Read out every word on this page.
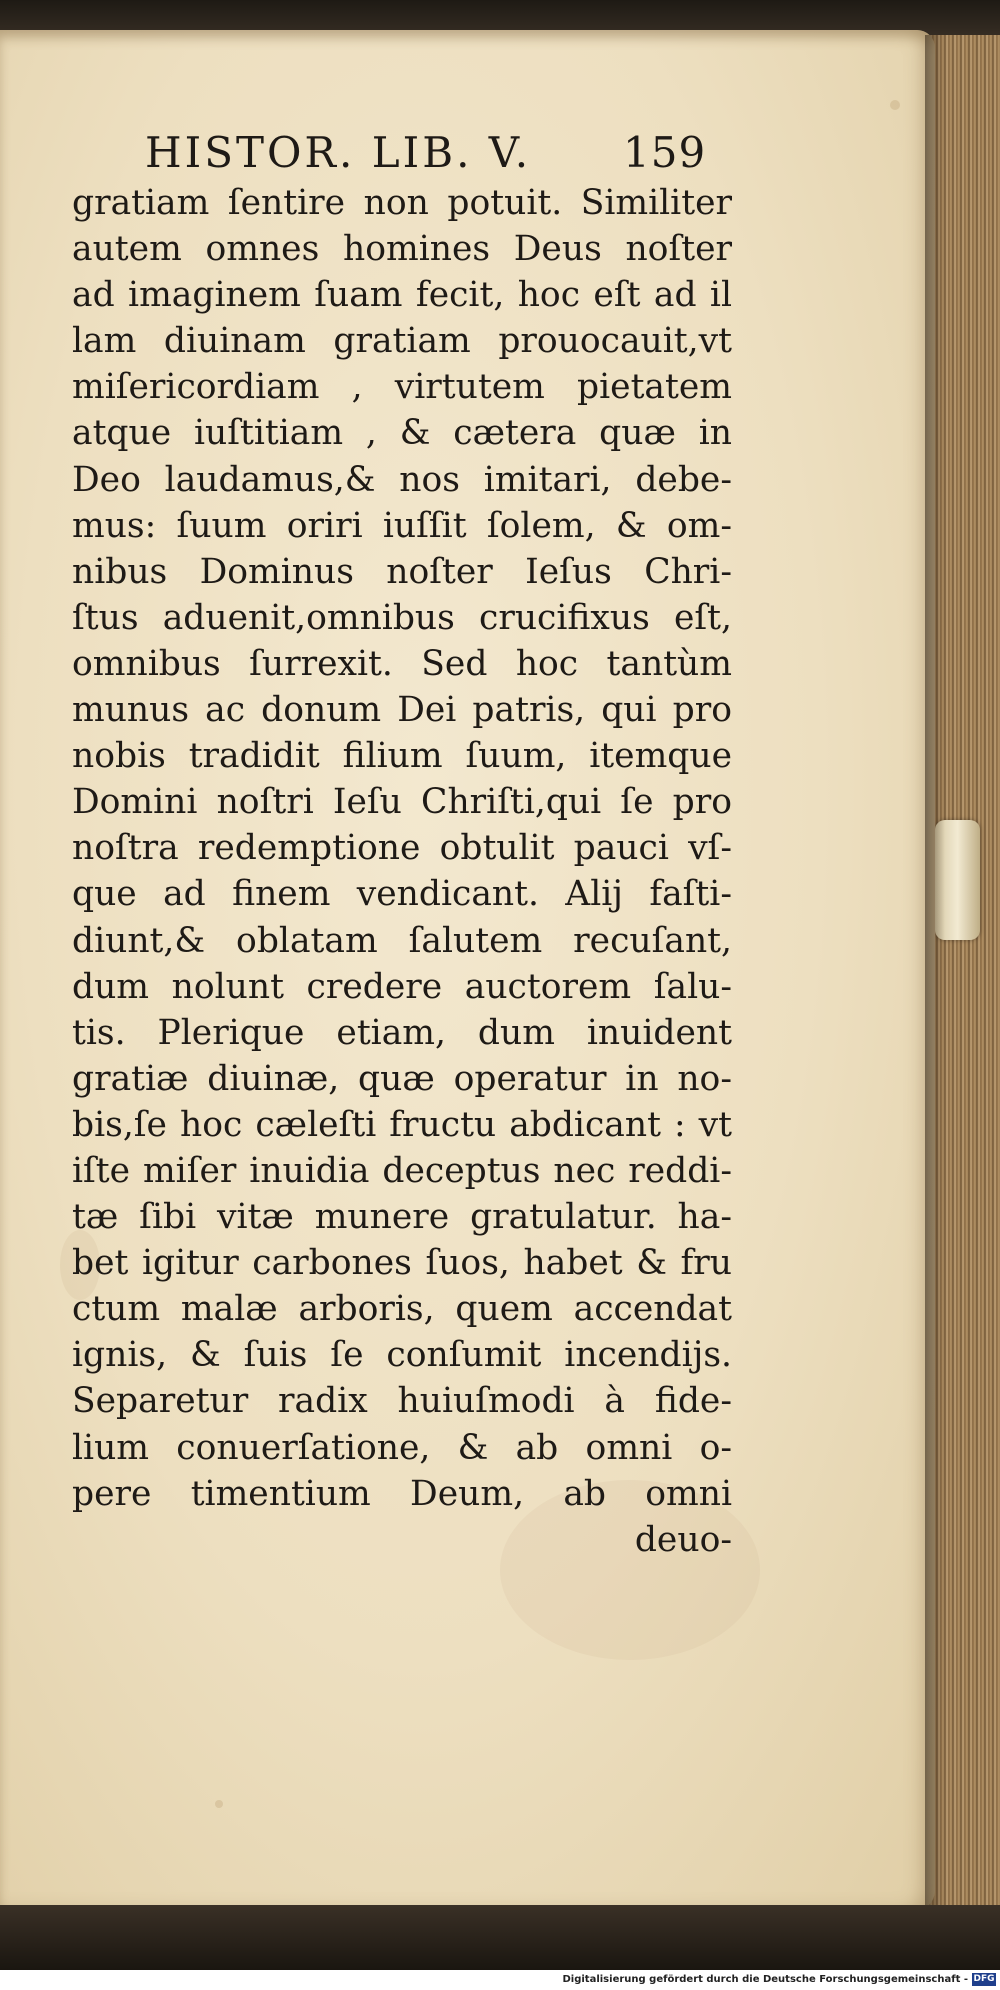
HISTOR. LIB. V. 159
gratiam ſentire non potuit. Similiter
autem omnes homines Deus noſter
ad imaginem ſuam fecit, hoc eſt ad il
lam diuinam gratiam prouocauit,vt
miſericordiam , virtutem pietatem
atque iuſtitiam , & cætera quæ in
Deo laudamus,& nos imitari, debe-
mus: ſuum oriri iuſſit ſolem, & om-
nibus Dominus noſter Ieſus Chri-
ſtus aduenit,omnibus crucifixus eſt,
omnibus ſurrexit. Sed hoc tantùm
munus ac donum Dei patris, qui pro
nobis tradidit filium ſuum, itemque
Domini noſtri Ieſu Chriſti,qui ſe pro
noſtra redemptione obtulit pauci vſ-
que ad finem vendicant. Alij faſti-
diunt,& oblatam ſalutem recuſant,
dum nolunt credere auctorem ſalu-
tis. Plerique etiam, dum inuident
gratiæ diuinæ, quæ operatur in no-
bis,ſe hoc cæleſti fructu abdicant : vt
iſte miſer inuidia deceptus nec reddi-
tæ ſibi vitæ munere gratulatur. ha-
bet igitur carbones ſuos, habet & fru
ctum malæ arboris, quem accendat
ignis, & ſuis ſe conſumit incendijs.
Separetur radix huiuſmodi à fide-
lium conuerſatione, & ab omni o-
pere timentium Deum, ab omni
deuo-
Digitalisierung gefördert durch die Deutsche Forschungsgemeinschaft - DFG
